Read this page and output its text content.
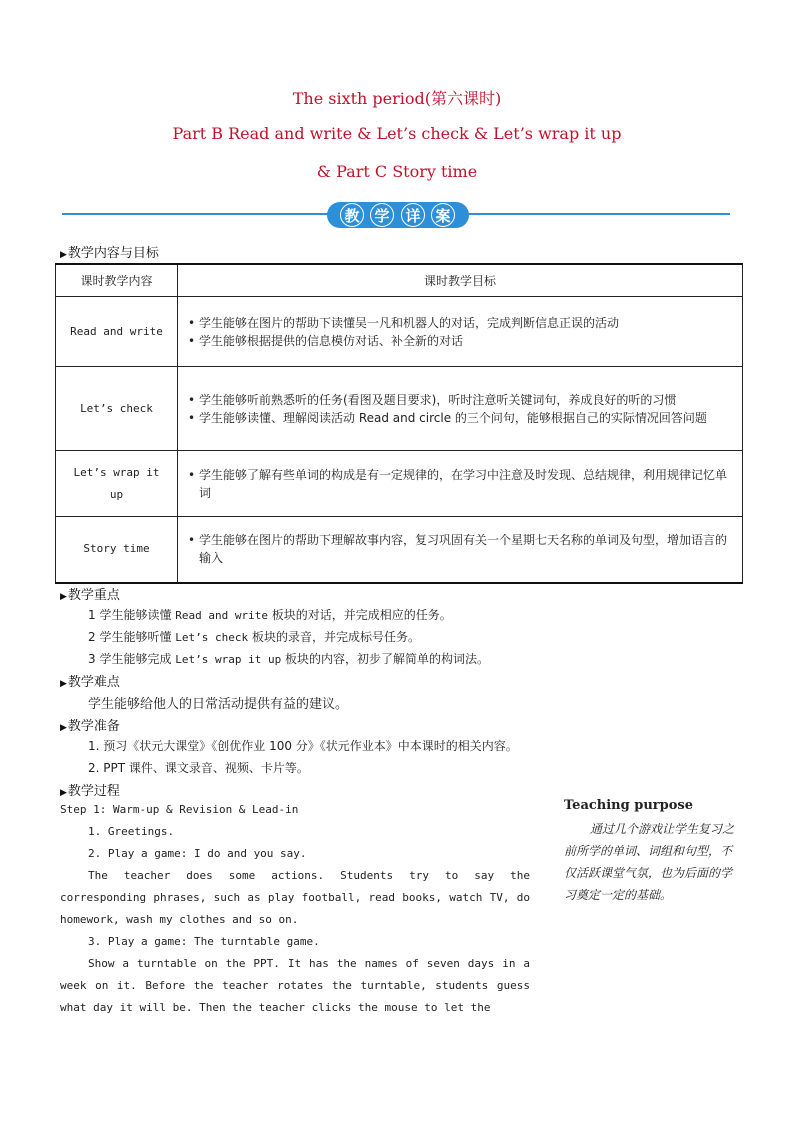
The sixth period(第六课时)
Part B Read and write & Let’s check & Let’s wrap it up
& Part C Story time
教 学	详 案
▶教学内容与目标
课时教学内容	课时教学目标
Read and write	• 学生能够在图片的帮助下读懂吴一凡和机器人的对话，完成判断信息正误的活动
• 学生能够根据提供的信息模仿对话、补全新的对话

Let’s check	• 学生能够听前熟悉听的任务(看图及题目要求)，听时注意听关键词句，养成良好的听的习惯
• 学生能够读懂、理解阅读活动 Read and circle 的三个问句，能够根据自己的实际情况回答问题

Let’s wrap it
up	• 学生能够了解有些单词的构成是有一定规律的，在学习中注意及时发现、总结规律，利用规律记忆单词

Story time	• 学生能够在图片的帮助下理解故事内容，复习巩固有关一个星期七天名称的单词及句型，增加语言的输入
▶教学重点
1 学生能够读懂 Read and write 板块的对话，并完成相应的任务。
2 学生能够听懂 Let’s check 板块的录音，并完成标号任务。
3 学生能够完成 Let’s wrap it up 板块的内容，初步了解简单的构词法。
▶教学难点
学生能够给他人的日常活动提供有益的建议。
▶教学准备
1. 预习《状元大课堂》《创优作业 100 分》《状元作业本》中本课时的相关内容。
2. PPT 课件、课文录音、视频、卡片等。
▶教学过程

Step 1: Warm-up & Revision & Lead-in

1. Greetings.

2. Play a game: I do and you say.

The teacher does some actions. Students try to say the corresponding phrases, such as play football, read books, watch TV, do homework, wash my clothes and so on.

3. Play a game: The turntable game.

Show a turntable on the PPT. It has the names of seven days in a week on it. Before the teacher rotates the turntable, students guess what day it will be. Then the teacher clicks the mouse to let the

Teaching purpose
通过几个游戏让学生复习之前所学的单词、词组和句型，不仅活跃课堂气氛，也为后面的学习奠定一定的基础。
